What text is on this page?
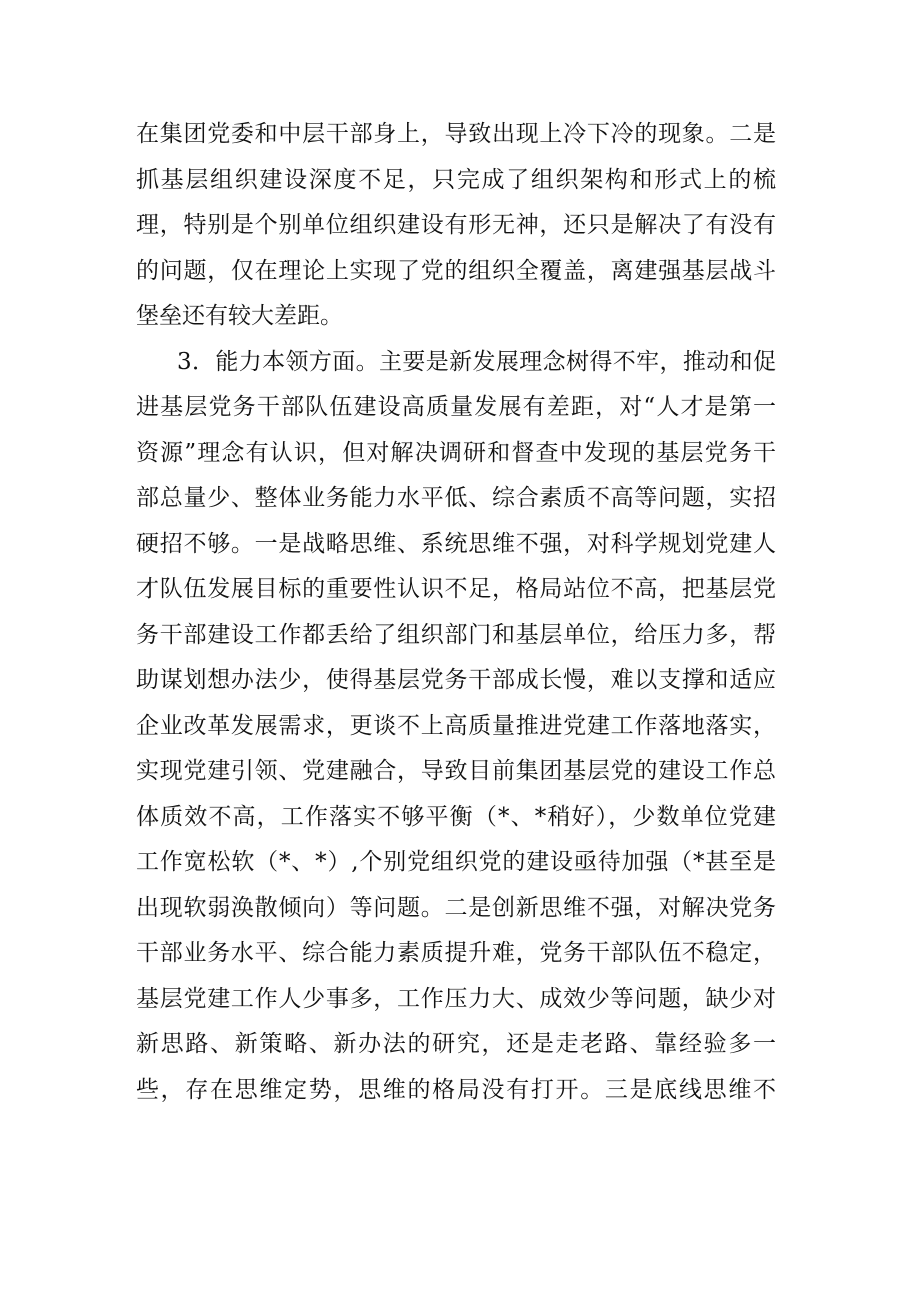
在集团党委和中层干部身上，导致出现上冷下冷的现象。二是
抓基层组织建设深度不足，只完成了组织架构和形式上的梳
理，特别是个别单位组织建设有形无神，还只是解决了有没有
的问题，仅在理论上实现了党的组织全覆盖，离建强基层战斗
堡垒还有较大差距。
3．能力本领方面。主要是新发展理念树得不牢，推动和促
进基层党务干部队伍建设高质量发展有差距，对“人才是第一
资源”理念有认识，但对解决调研和督查中发现的基层党务干
部总量少、整体业务能力水平低、综合素质不高等问题，实招
硬招不够。一是战略思维、系统思维不强，对科学规划党建人
才队伍发展目标的重要性认识不足，格局站位不高，把基层党
务干部建设工作都丢给了组织部门和基层单位，给压力多，帮
助谋划想办法少，使得基层党务干部成长慢，难以支撑和适应
企业改革发展需求，更谈不上高质量推进党建工作落地落实，
实现党建引领、党建融合，导致目前集团基层党的建设工作总
体质效不高，工作落实不够平衡（*、*稍好），少数单位党建
工作宽松软（*、*）,个别党组织党的建设亟待加强（*甚至是
出现软弱涣散倾向）等问题。二是创新思维不强，对解决党务
干部业务水平、综合能力素质提升难，党务干部队伍不稳定，
基层党建工作人少事多，工作压力大、成效少等问题，缺少对
新思路、新策略、新办法的研究，还是走老路、靠经验多一
些，存在思维定势，思维的格局没有打开。三是底线思维不
